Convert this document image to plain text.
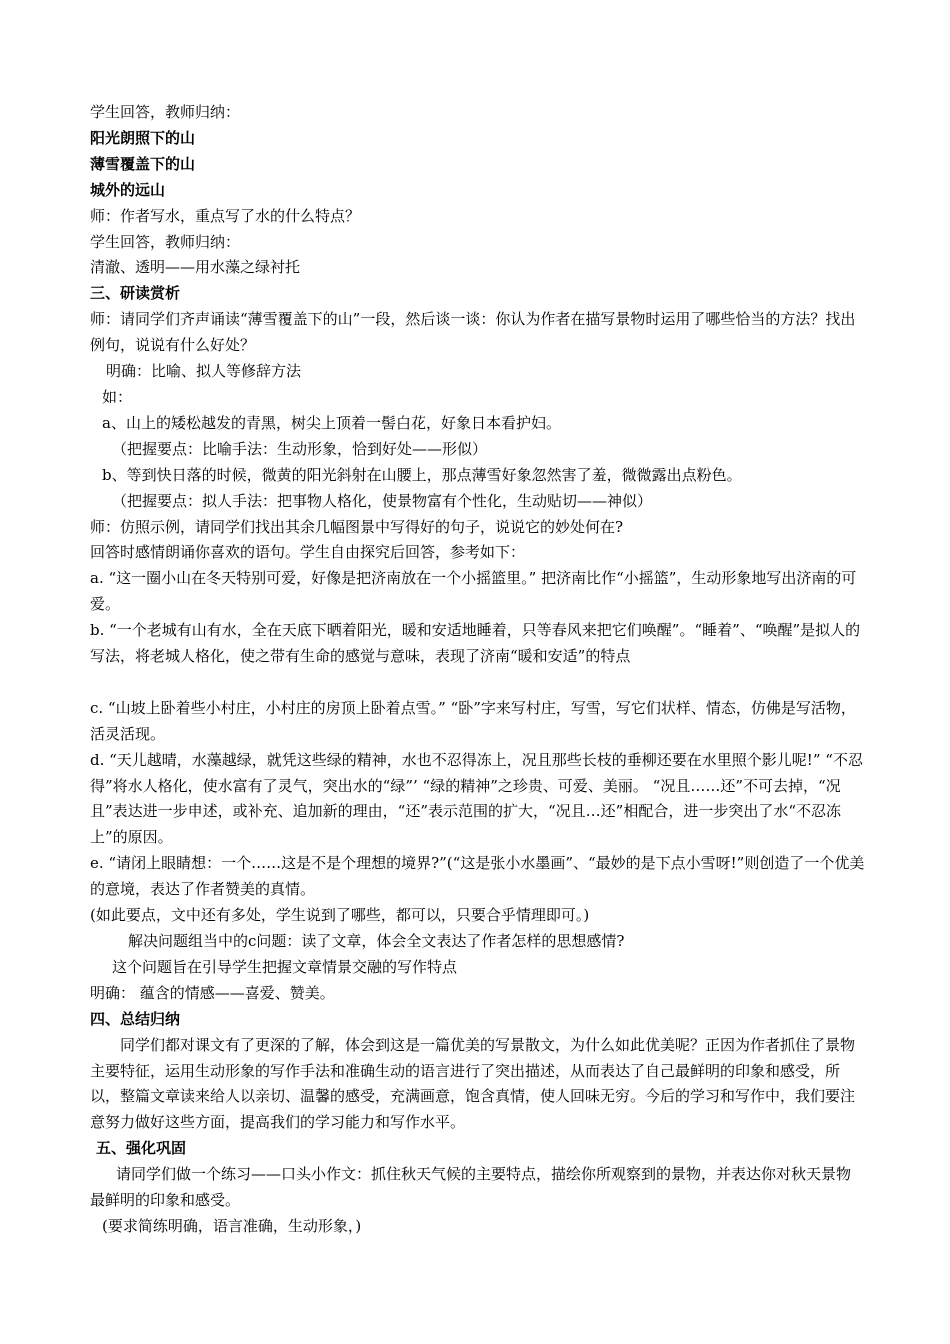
学生回答，教师归纳：

阳光朗照下的山

薄雪覆盖下的山

城外的远山

师：作者写水，重点写了水的什么特点？

学生回答，教师归纳：

清澈、透明——用水藻之绿衬托

三、研读赏析

师：请同学们齐声诵读“薄雪覆盖下的山”一段，然后谈一谈：你认为作者在描写景物时运用了哪些恰当的方法？找出例句，说说有什么好处？

明确：比喻、拟人等修辞方法

如：

a、山上的矮松越发的青黑，树尖上顶着一髻白花，好象日本看护妇。

（把握要点：比喻手法：生动形象，恰到好处——形似）

b、等到快日落的时候，微黄的阳光斜射在山腰上，那点薄雪好象忽然害了羞，微微露出点粉色。

（把握要点：拟人手法：把事物人格化，使景物富有个性化，生动贴切——神似）

师：仿照示例，请同学们找出其余几幅图景中写得好的句子，说说它的妙处何在?

回答时感情朗诵你喜欢的语句。学生自由探究后回答，参考如下：

a. “这一圈小山在冬天特别可爱，好像是把济南放在一个小摇篮里。” 把济南比作“小摇篮”，生动形象地写出济南的可爱。

b. “一个老城有山有水，全在天底下晒着阳光，暖和安适地睡着，只等春风来把它们唤醒”。“睡着”、“唤醒”是拟人的写法，将老城人格化，使之带有生命的感觉与意味，表现了济南“暖和安适”的特点

c. “山坡上卧着些小村庄，小村庄的房顶上卧着点雪。” “卧”字来写村庄，写雪，写它们状样、情态，仿佛是写活物，活灵活现。

d. “天儿越晴，水藻越绿，就凭这些绿的精神，水也不忍得冻上，况且那些长枝的垂柳还要在水里照个影儿呢!” “不忍得”将水人格化，使水富有了灵气，突出水的“绿”’ “绿的精神”之珍贵、可爱、美丽。 “况且……还”不可去掉，“况且”表达进一步申述，或补充、追加新的理由，“还”表示范围的扩大，“况且…还”相配合，进一步突出了水“不忍冻上”的原因。

e. “请闭上眼睛想：一个……这是不是个理想的境界?”(“这是张小水墨画”、“最妙的是下点小雪呀!”则创造了一个优美的意境，表达了作者赞美的真情。

(如此要点，文中还有多处，学生说到了哪些，都可以，只要合乎情理即可。)

解决问题组当中的c问题：读了文章，体会全文表达了作者怎样的思想感情?

这个问题旨在引导学生把握文章情景交融的写作特点

明确： 蕴含的情感——喜爱、赞美。

四、总结归纳

同学们都对课文有了更深的了解，体会到这是一篇优美的写景散文，为什么如此优美呢？正因为作者抓住了景物主要特征，运用生动形象的写作手法和准确生动的语言进行了突出描述，从而表达了自己最鲜明的印象和感受，所以，整篇文章读来给人以亲切、温馨的感受，充满画意，饱含真情，使人回味无穷。今后的学习和写作中，我们要注意努力做好这些方面，提高我们的学习能力和写作水平。

五、强化巩固

请同学们做一个练习——口头小作文：抓住秋天气候的主要特点，描绘你所观察到的景物，并表达你对秋天景物最鲜明的印象和感受。

(要求简练明确，语言准确，生动形象，)
